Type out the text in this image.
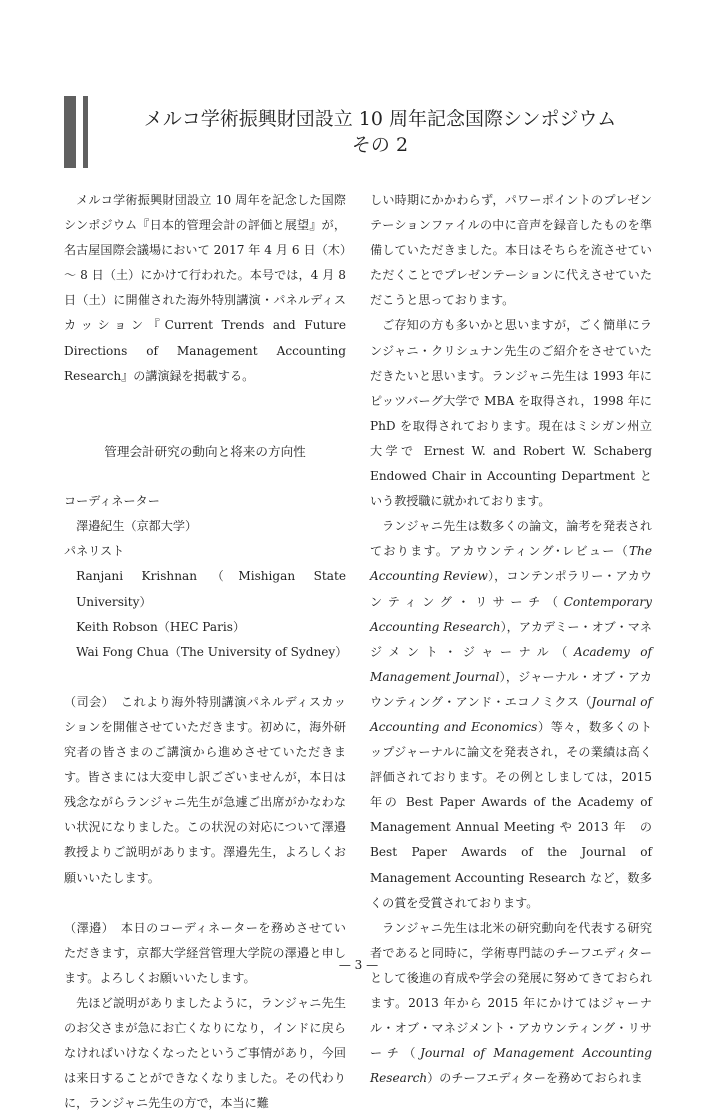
メルコ学術振興財団設立 10 周年記念国際シンポジウム
その 2

メルコ学術振興財団設立 10 周年を記念した国際シンポジウム『日本的管理会計の評価と展望』が，名古屋国際会議場において 2017 年 4 月 6 日（木）～ 8 日（土）にかけて行われた。本号では，4 月 8 日（土）に開催された海外特別講演・パネルディスカッション『Current Trends and Future Directions of Management Accounting Research』の講演録を掲載する。

管理会計研究の動向と将来の方向性

コーディネーター

澤邉紀生（京都大学）

パネリスト

Ranjani Krishnan（Mishigan State University）

Keith Robson（HEC Paris）

Wai Fong Chua（The University of Sydney）

（司会）　 これより海外特別講演パネルディスカッションを開催させていただきます。初めに，海外研究者の皆さまのご講演から進めさせていただきます。皆さまには大変申し訳ございませんが，本日は残念ながらランジャニ先生が急遽ご出席がかなわない状況になりました。この状況の対応について澤邉教授よりご説明があります。澤邉先生，よろしくお願いいたします。

（澤邉）　 本日のコーディネーターを務めさせていただきます，京都大学経営管理大学院の澤邉と申します。よろしくお願いいたします。

先ほど説明がありましたように，ランジャニ先生のお父さまが急にお亡くなりになり，インドに戻らなければいけなくなったというご事情があり，今回は来日することができなくなりました。その代わりに，ランジャニ先生の方で，本当に難

しい時期にかかわらず，パワーポイントのプレゼンテーションファイルの中に音声を録音したものを準備していただきました。本日はそちらを流させていただくことでプレゼンテーションに代えさせていただこうと思っております。

ご存知の方も多いかと思いますが，ごく簡単にランジャニ・クリシュナン先生のご紹介をさせていただきたいと思います。ランジャニ先生は 1993 年にピッツバーグ大学で MBA を取得され，1998 年に PhD を取得されております。現在はミシガン州立大学で Ernest W. and Robert W. Schaberg Endowed Chair in Accounting Department という教授職に就かれております。

ランジャニ先生は数多くの論文，論考を発表されております。アカウンティング･レビュー（The Accounting Review），コンテンポラリー・アカウンティング・リサーチ（Contemporary Accounting Research），アカデミー・オブ・マネジメント・ジャーナル（Academy of Management Journal），ジャーナル・オブ・アカウンティング・アンド・エコノミクス（Journal of Accounting and Economics）等々，数多くのトップジャーナルに論文を発表され，その業績は高く評価されております。その例としましては，2015 年の Best Paper Awards of the Academy of Management Annual Meeting や 2013 年　の Best Paper Awards of the Journal of Management Accounting Research など，数多くの賞を受賞されております。

ランジャニ先生は北米の研究動向を代表する研究者であると同時に，学術専門誌のチーフエディターとして後進の育成や学会の発展に努めてきておられます。2013 年から 2015 年にかけてはジャーナル・オブ・マネジメント・アカウンティング・リサーチ（Journal of Management Accounting Research）のチーフエディターを務めておられま

— 3 —
